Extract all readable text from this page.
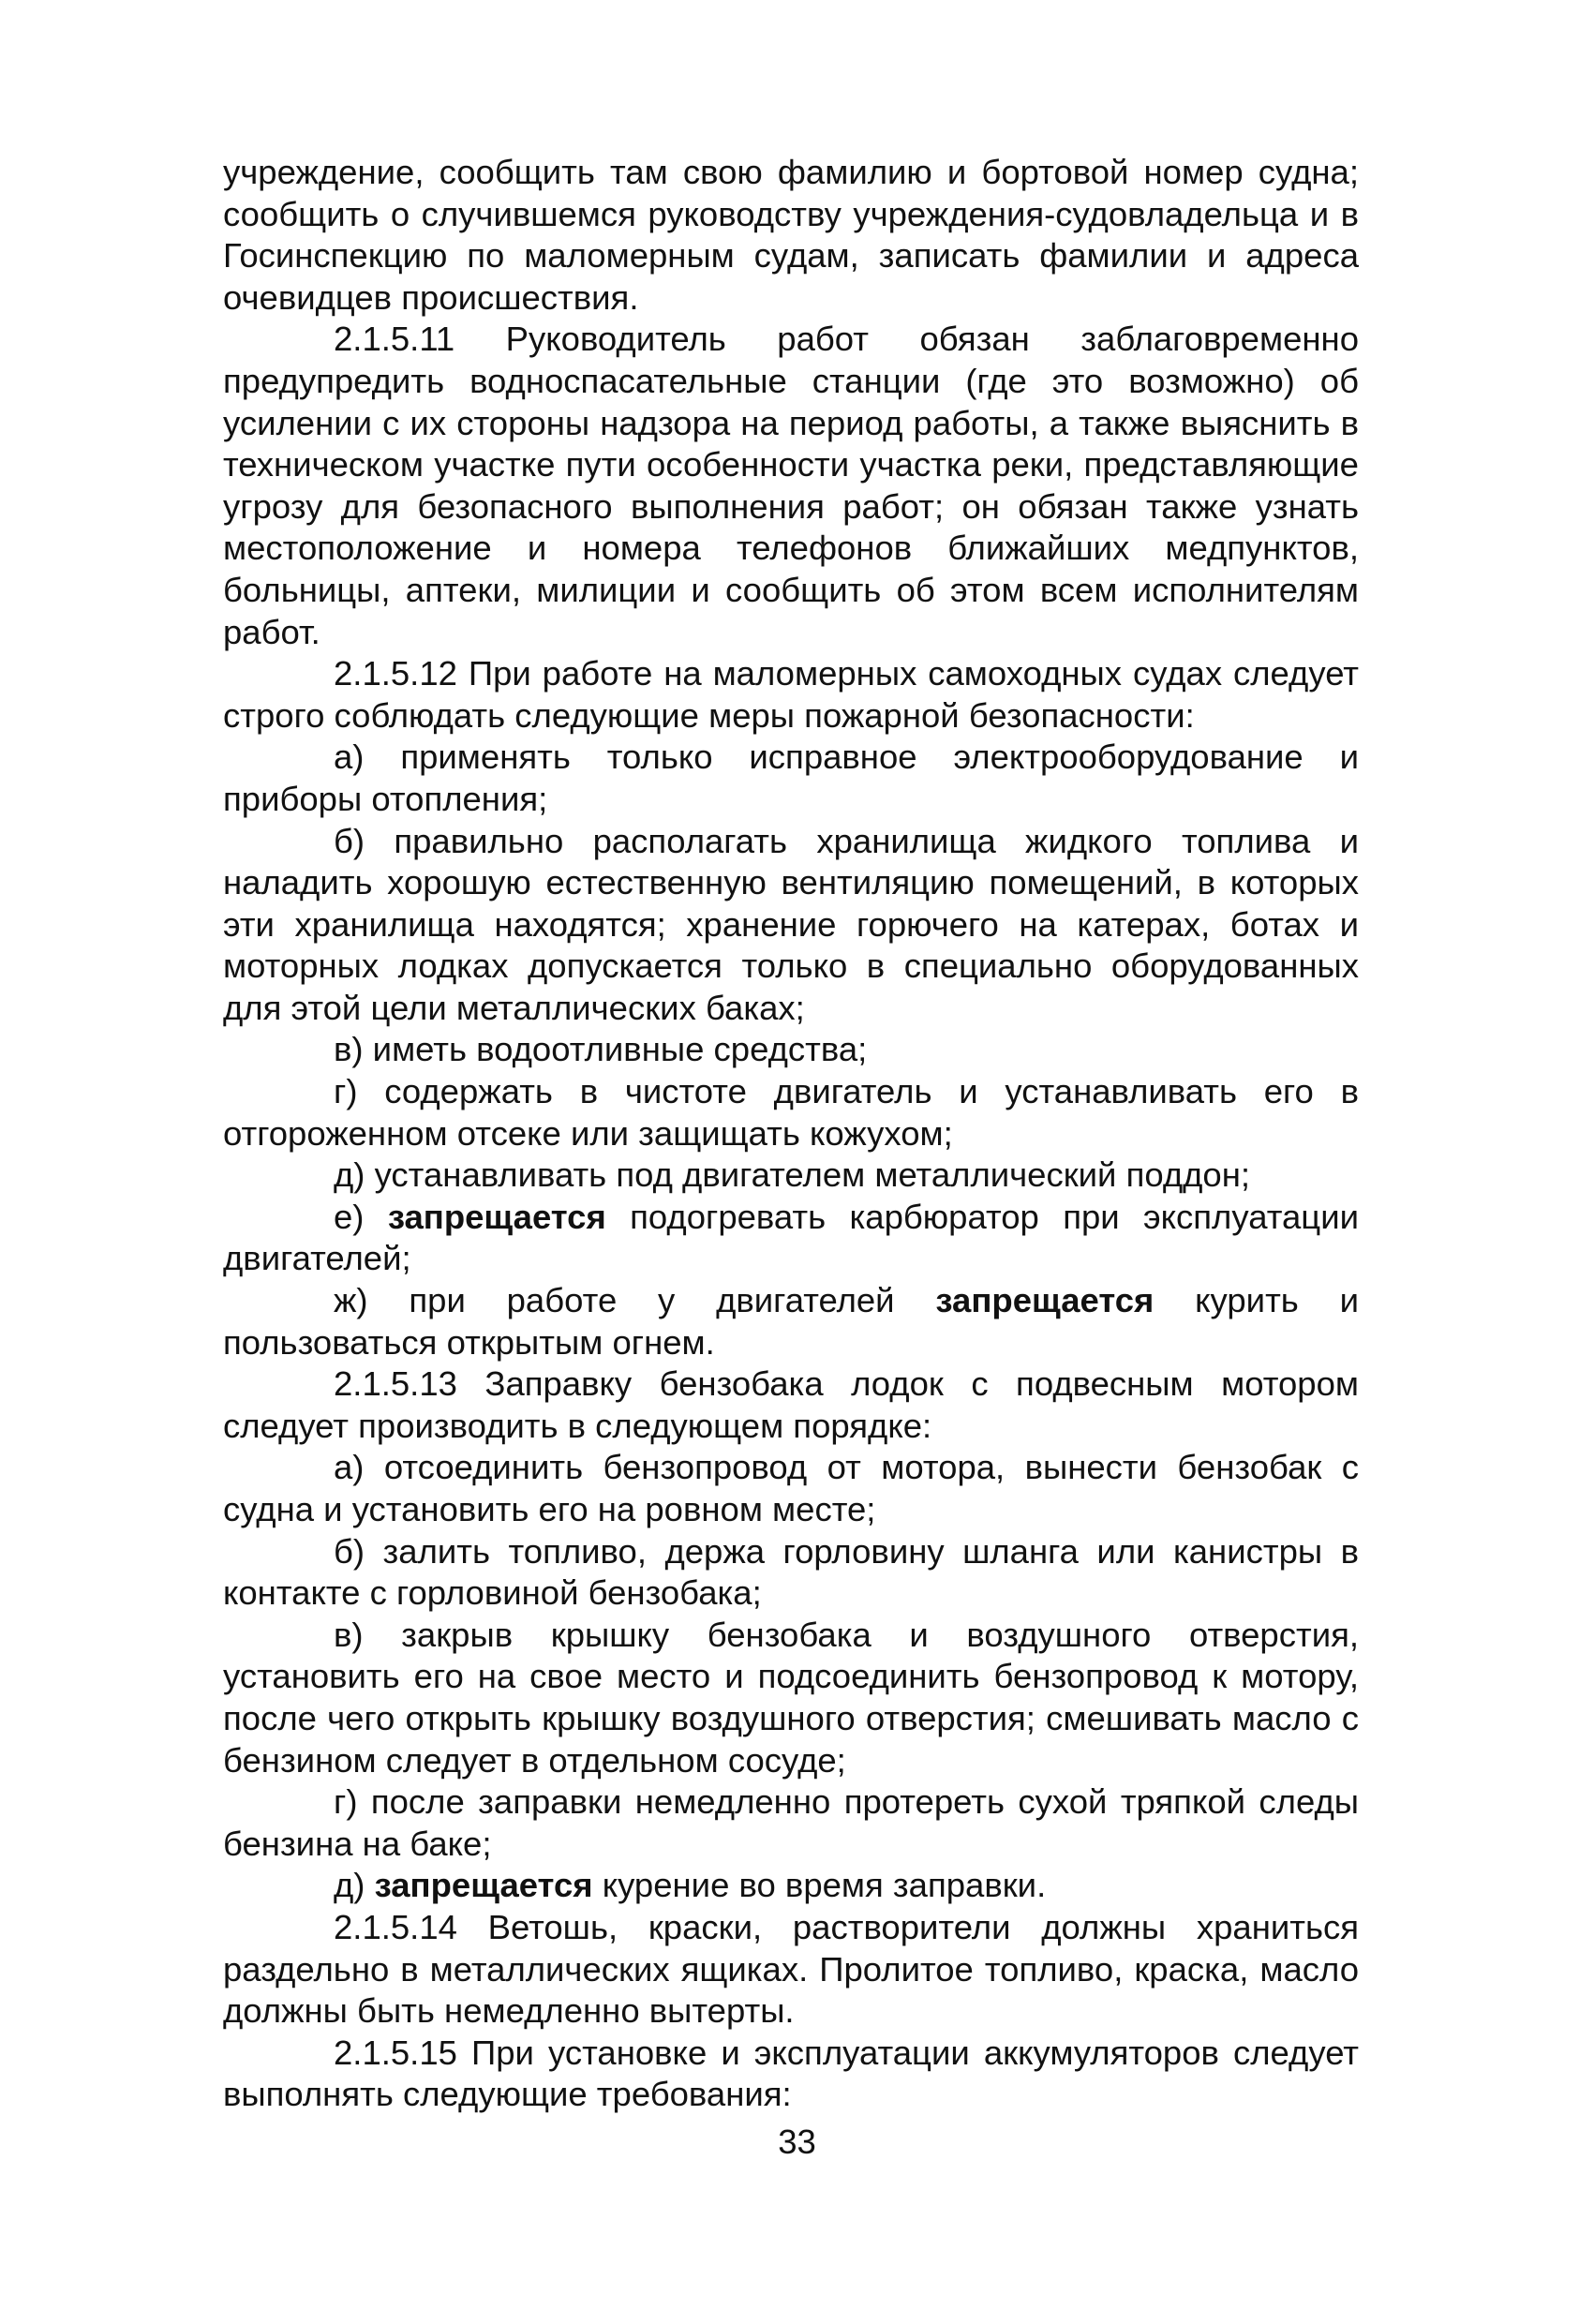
учреждение, сообщить там свою фамилию и бортовой номер судна; сообщить о случившемся руководству учреждения-судовладельца и в Госинспекцию по маломерным судам, записать фамилии и адреса очевидцев происшествия.

2.1.5.11 Руководитель работ обязан заблаговременно предупредить водноспасательные станции (где это возможно) об усилении с их стороны надзора на период работы, а также выяснить в техническом участке пути особенности участка реки, представляющие угрозу для безопасного выполнения работ; он обязан также узнать местоположение и номера телефонов ближайших медпунктов, больницы, аптеки, милиции и сообщить об этом всем исполнителям работ.

2.1.5.12 При работе на маломерных самоходных судах следует строго соблюдать следующие меры пожарной безопасности:

а) применять только исправное электрооборудование и приборы отопления;

б) правильно располагать хранилища жидкого топлива и наладить хорошую естественную вентиляцию помещений, в которых эти хранилища находятся; хранение горючего на катерах, ботах и моторных лодках допускается только в специально оборудованных для этой цели металлических баках;

в) иметь водоотливные средства;

г) содержать в чистоте двигатель и устанавливать его в отгороженном отсеке или защищать кожухом;

д) устанавливать под двигателем металлический поддон;

е) запрещается подогревать карбюратор при эксплуатации двигателей;

ж) при работе у двигателей запрещается курить и пользоваться открытым огнем.

2.1.5.13 Заправку бензобака лодок с подвесным мотором следует производить в следующем порядке:

а) отсоединить бензопровод от мотора, вынести бензобак с судна и установить его на ровном месте;

б) залить топливо, держа горловину шланга или канистры в контакте с горловиной бензобака;

в) закрыв крышку бензобака и воздушного отверстия, установить его на свое место и подсоединить бензопровод к мотору, после чего открыть крышку воздушного отверстия; смешивать масло с бензином следует в отдельном сосуде;

г) после заправки немедленно протереть сухой тряпкой следы бензина на баке;

д) запрещается курение во время заправки.

2.1.5.14 Ветошь, краски, растворители должны храниться раздельно в металлических ящиках. Пролитое топливо, краска, масло должны быть немедленно вытерты.

2.1.5.15 При установке и эксплуатации аккумуляторов следует выполнять следующие требования:

33
